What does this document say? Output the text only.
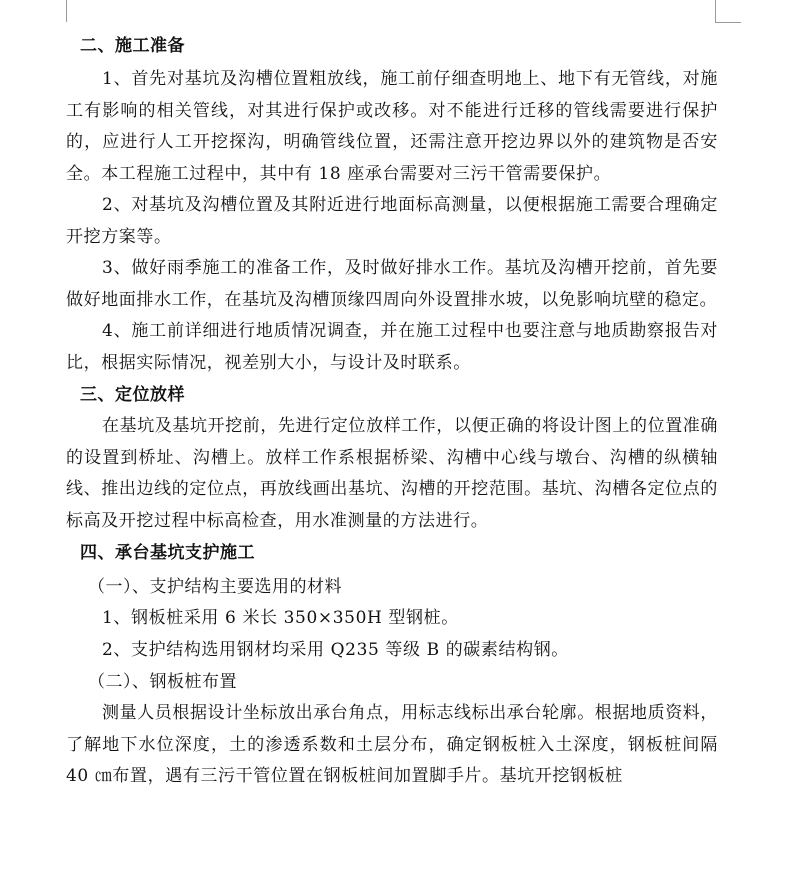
二、施工准备

1、首先对基坑及沟槽位置粗放线，施工前仔细查明地上、地下有无管线，对施工有影响的相关管线，对其进行保护或改移。对不能进行迁移的管线需要进行保护的，应进行人工开挖探沟，明确管线位置，还需注意开挖边界以外的建筑物是否安全。本工程施工过程中，其中有 18 座承台需要对三污干管需要保护。

2、对基坑及沟槽位置及其附近进行地面标高测量，以便根据施工需要合理确定开挖方案等。

3、做好雨季施工的准备工作，及时做好排水工作。基坑及沟槽开挖前，首先要做好地面排水工作，在基坑及沟槽顶缘四周向外设置排水坡，以免影响坑壁的稳定。

4、施工前详细进行地质情况调查，并在施工过程中也要注意与地质勘察报告对比，根据实际情况，视差别大小，与设计及时联系。

三、定位放样

在基坑及基坑开挖前，先进行定位放样工作，以便正确的将设计图上的位置准确的设置到桥址、沟槽上。放样工作系根据桥梁、沟槽中心线与墩台、沟槽的纵横轴线、推出边线的定位点，再放线画出基坑、沟槽的开挖范围。基坑、沟槽各定位点的标高及开挖过程中标高检查，用水准测量的方法进行。

四、承台基坑支护施工

（一）、支护结构主要选用的材料

1、钢板桩采用 6 米长 350×350H 型钢桩。

2、支护结构选用钢材均采用 Q235 等级 B 的碳素结构钢。

（二）、钢板桩布置

测量人员根据设计坐标放出承台角点，用标志线标出承台轮廓。根据地质资料，了解地下水位深度，土的渗透系数和土层分布，确定钢板桩入土深度，钢板桩间隔 40 ㎝布置，遇有三污干管位置在钢板桩间加置脚手片。基坑开挖钢板桩
